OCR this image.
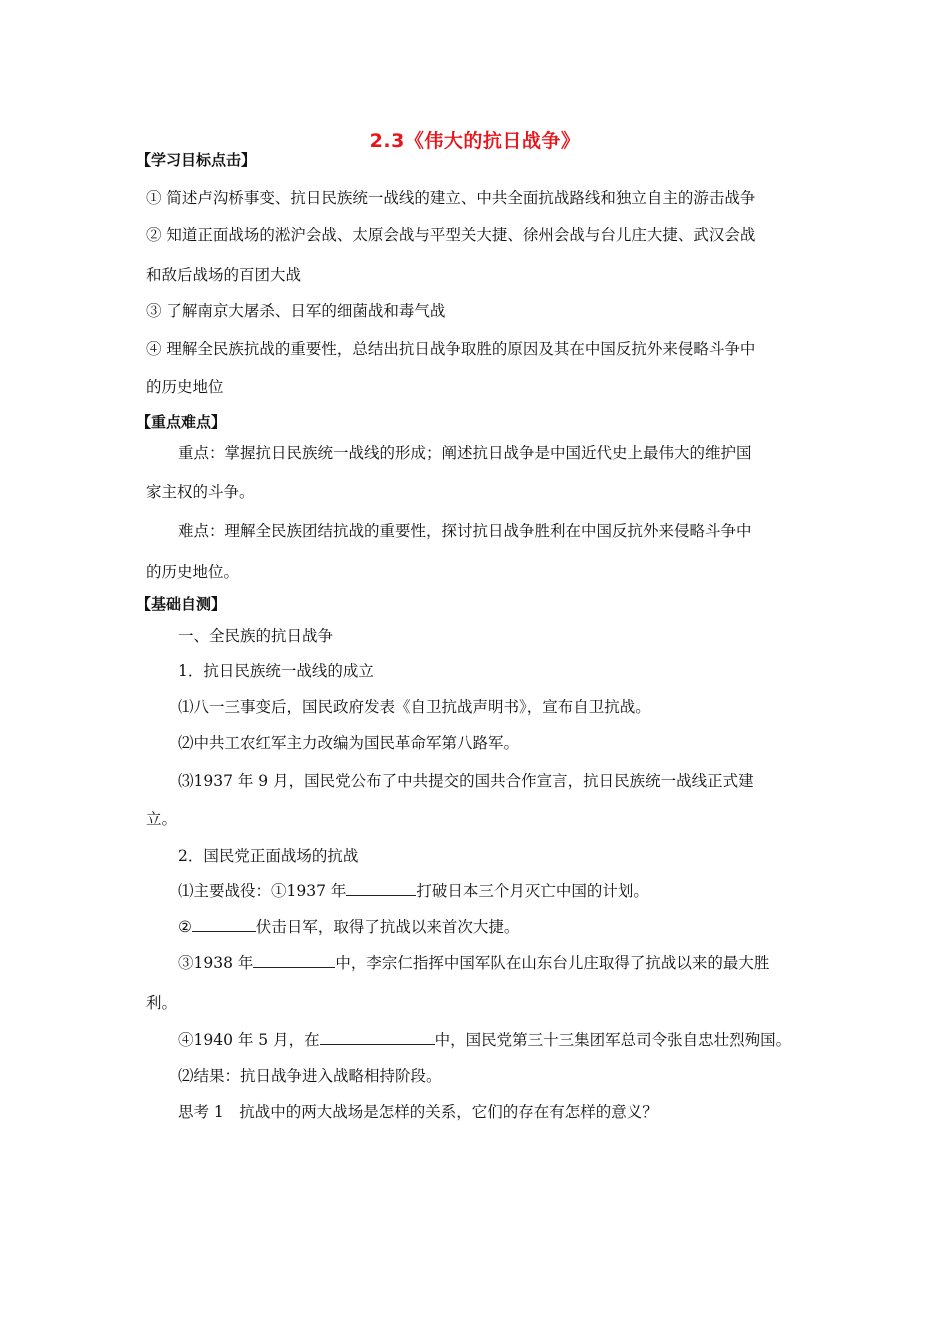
2.3《伟大的抗日战争》
【学习目标点击】
① 简述卢沟桥事变、抗日民族统一战线的建立、中共全面抗战路线和独立自主的游击战争
② 知道正面战场的淞沪会战、太原会战与平型关大捷、徐州会战与台儿庄大捷、武汉会战
和敌后战场的百团大战
③ 了解南京大屠杀、日军的细菌战和毒气战
④ 理解全民族抗战的重要性，总结出抗日战争取胜的原因及其在中国反抗外来侵略斗争中
的历史地位
【重点难点】
重点：掌握抗日民族统一战线的形成；阐述抗日战争是中国近代史上最伟大的维护国
家主权的斗争。
难点：理解全民族团结抗战的重要性，探讨抗日战争胜利在中国反抗外来侵略斗争中
的历史地位。
【基础自测】
一、全民族的抗日战争
1．抗日民族统一战线的成立
⑴八一三事变后，国民政府发表《自卫抗战声明书》，宣布自卫抗战。
⑵中共工农红军主力改编为国民革命军第八路军。
⑶1937 年 9 月，国民党公布了中共提交的国共合作宣言，抗日民族统一战线正式建
立。
2．国民党正面战场的抗战
⑴主要战役：①1937 年	打破日本三个月灭亡中国的计划。
②	伏击日军，取得了抗战以来首次大捷。
③1938 年	中，李宗仁指挥中国军队在山东台儿庄取得了抗战以来的最大胜
利。
④1940 年 5 月，在	中，国民党第三十三集团军总司令张自忠壮烈殉国。
⑵结果：抗日战争进入战略相持阶段。
思考 1　抗战中的两大战场是怎样的关系，它们的存在有怎样的意义？
